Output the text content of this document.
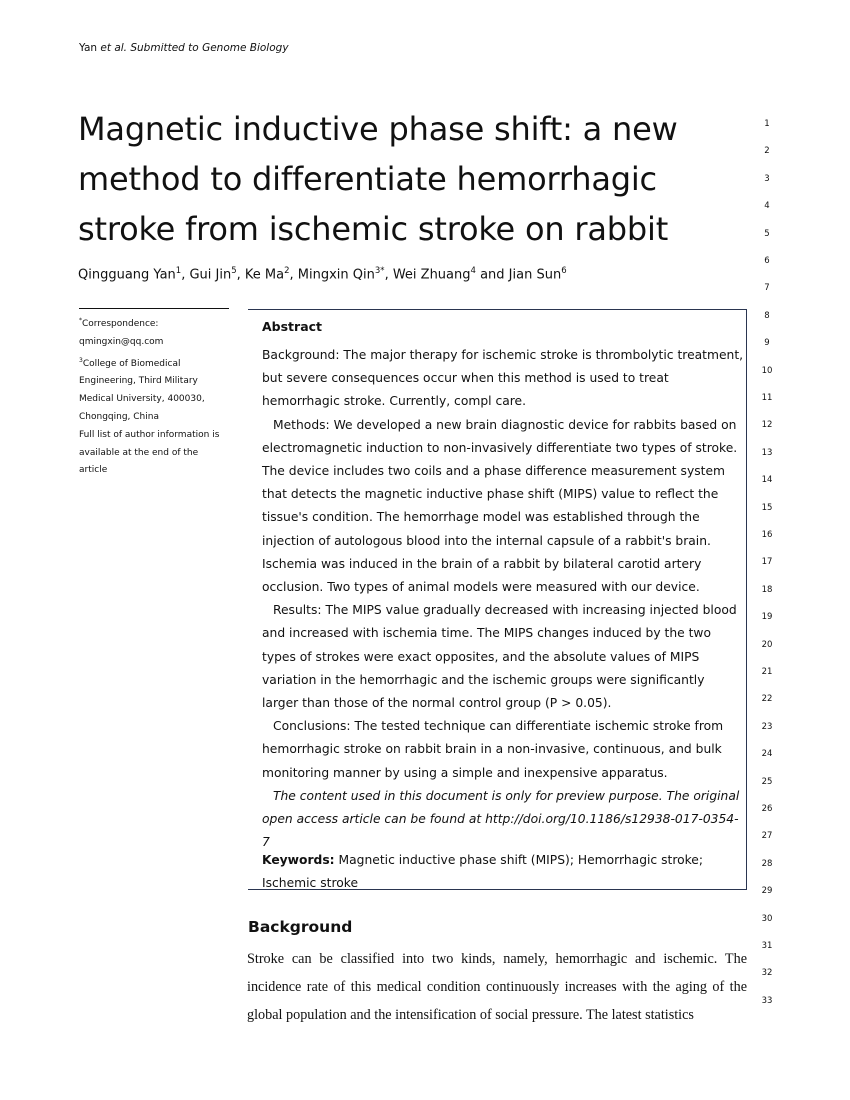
Yan et al. Submitted to Genome Biology
Magnetic inductive phase shift: a new method to differentiate hemorrhagic stroke from ischemic stroke on rabbit
Qingguang Yan$^1$, Gui Jin$^5$, Ke Ma$^2$, Mingxin Qin$^{3*}$, Wei Zhuang$^4$ and Jian Sun$^6$
*Correspondence:
qmingxin@qq.com
$^3$College of Biomedical Engineering, Third Military Medical University, 400030, Chongqing, China
Full list of author information is available at the end of the article
Abstract

Background: The major therapy for ischemic stroke is thrombolytic treatment, but severe consequences occur when this method is used to treat hemorrhagic stroke. Currently, compl care.

Methods: We developed a new brain diagnostic device for rabbits based on electromagnetic induction to non-invasively differentiate two types of stroke. The device includes two coils and a phase difference measurement system that detects the magnetic inductive phase shift (MIPS) value to reflect the tissue's condition. The hemorrhage model was established through the injection of autologous blood into the internal capsule of a rabbit's brain. Ischemia was induced in the brain of a rabbit by bilateral carotid artery occlusion. Two types of animal models were measured with our device.

Results: The MIPS value gradually decreased with increasing injected blood and increased with ischemia time. The MIPS changes induced by the two types of strokes were exact opposites, and the absolute values of MIPS variation in the hemorrhagic and the ischemic groups were significantly larger than those of the normal control group (P > 0.05).

Conclusions: The tested technique can differentiate ischemic stroke from hemorrhagic stroke on rabbit brain in a non-invasive, continuous, and bulk monitoring manner by using a simple and inexpensive apparatus.

The content used in this document is only for preview purpose. The original open access article can be found at http://doi.org/10.1186/s12938-017-0354-7

Keywords: Magnetic inductive phase shift (MIPS); Hemorrhagic stroke; Ischemic stroke
Background

Stroke can be classified into two kinds, namely, hemorrhagic and ischemic. The incidence rate of this medical condition continuously increases with the aging of the global population and the intensification of social pressure. The latest statistics

1
2
3
4
5
6
7
8
9
10
11
12
13
14
15
16
17
18
19
20
21
22
23
24
25
26
27
28
29
30
31
32
33
